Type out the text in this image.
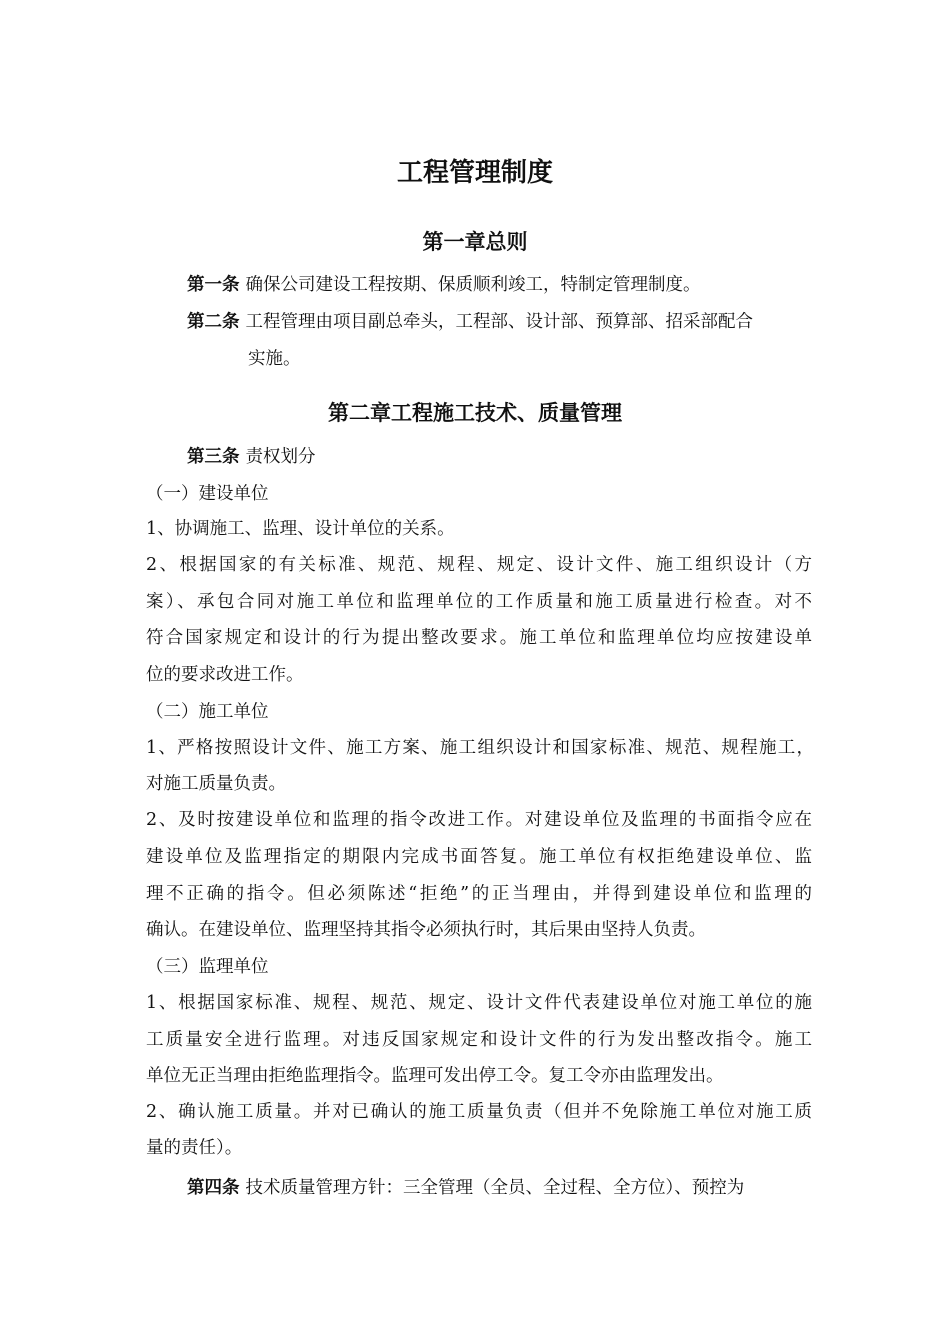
工程管理制度
第一章总则
第一条 确保公司建设工程按期、保质顺利竣工，特制定管理制度。
第二条 工程管理由项目副总牵头，工程部、设计部、预算部、招采部配合
实施。
第二章工程施工技术、质量管理
第三条 责权划分
（一）建设单位
1、协调施工、监理、设计单位的关系。
2、根据国家的有关标准、规范、规程、规定、设计文件、施工组织设计（方
案）、承包合同对施工单位和监理单位的工作质量和施工质量进行检查。对不
符合国家规定和设计的行为提出整改要求。施工单位和监理单位均应按建设单
位的要求改进工作。
（二）施工单位
1、严格按照设计文件、施工方案、施工组织设计和国家标准、规范、规程施工，
对施工质量负责。
2、及时按建设单位和监理的指令改进工作。对建设单位及监理的书面指令应在
建设单位及监理指定的期限内完成书面答复。施工单位有权拒绝建设单位、监
理不正确的指令。但必须陈述“拒绝”的正当理由，并得到建设单位和监理的
确认。在建设单位、监理坚持其指令必须执行时，其后果由坚持人负责。
（三）监理单位
1、根据国家标准、规程、规范、规定、设计文件代表建设单位对施工单位的施
工质量安全进行监理。对违反国家规定和设计文件的行为发出整改指令。施工
单位无正当理由拒绝监理指令。监理可发出停工令。复工令亦由监理发出。
2、确认施工质量。并对已确认的施工质量负责（但并不免除施工单位对施工质
量的责任）。
第四条 技术质量管理方针：三全管理（全员、全过程、全方位）、预控为
